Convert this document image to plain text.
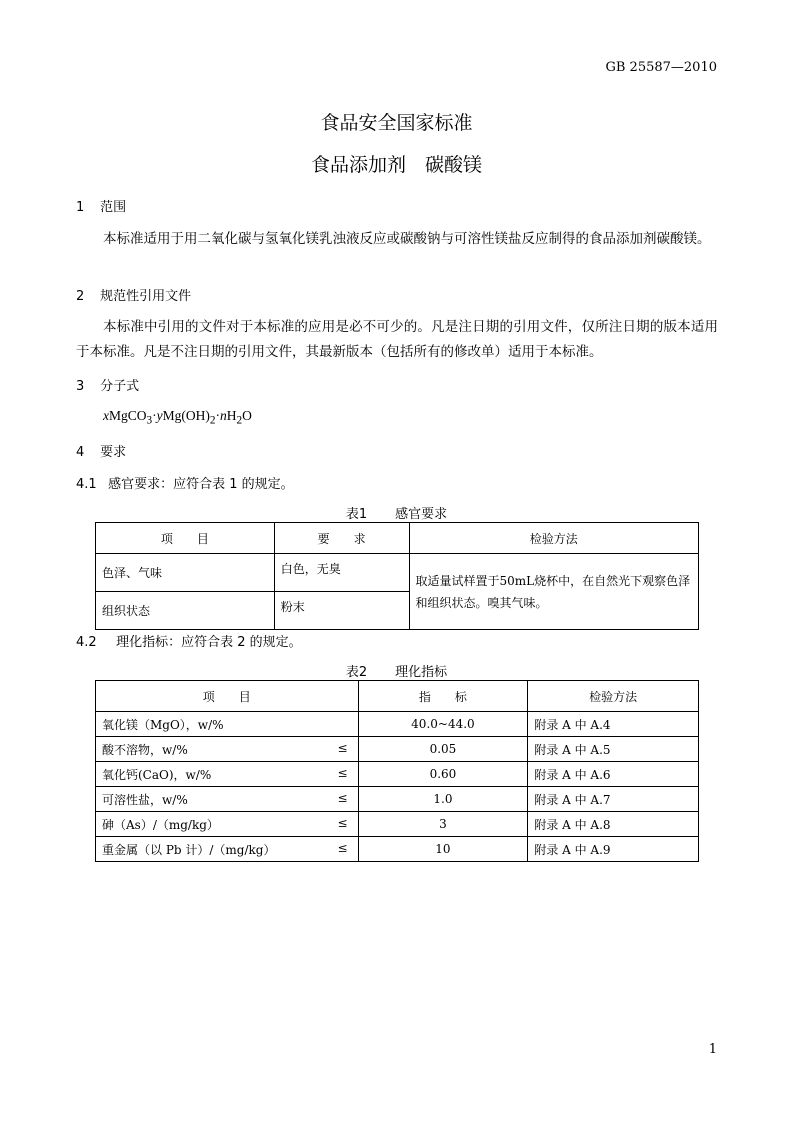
GB 25587—2010
食品安全国家标准
食品添加剂　碳酸镁
1 范围
本标准适用于用二氧化碳与氢氧化镁乳浊液反应或碳酸钠与可溶性镁盐反应制得的食品添加剂碳酸镁。
2 规范性引用文件
本标准中引用的文件对于本标准的应用是必不可少的。凡是注日期的引用文件，仅所注日期的版本适用于本标准。凡是不注日期的引用文件，其最新版本（包括所有的修改单）适用于本标准。
3 分子式
$xMgCO_3\cdot yMg(OH)_2\cdot nH_2O$
4 要求
4.1 感官要求：应符合表 1 的规定。
表1 感官要求
项　　目	要　　求	检验方法
色泽、气味	白色，无臭	取适量试样置于50mL烧杯中，在自然光下观察色泽和组织状态。嗅其气味。
组织状态	粉末	
4.2 理化指标：应符合表 2 的规定。
表2 理化指标
项　　目	指　　标	检验方法
氧化镁（MgO），w/%	40.0~44.0	附录 A 中 A.4
酸不溶物，w/% ≤	0.05	附录 A 中 A.5
氧化钙(CaO)，w/% ≤	0.60	附录 A 中 A.6
可溶性盐，w/% ≤	1.0	附录 A 中 A.7
砷（As）/（mg/kg） ≤	3	附录 A 中 A.8
重金属（以 Pb 计）/（mg/kg） ≤	10	附录 A 中 A.9
1
